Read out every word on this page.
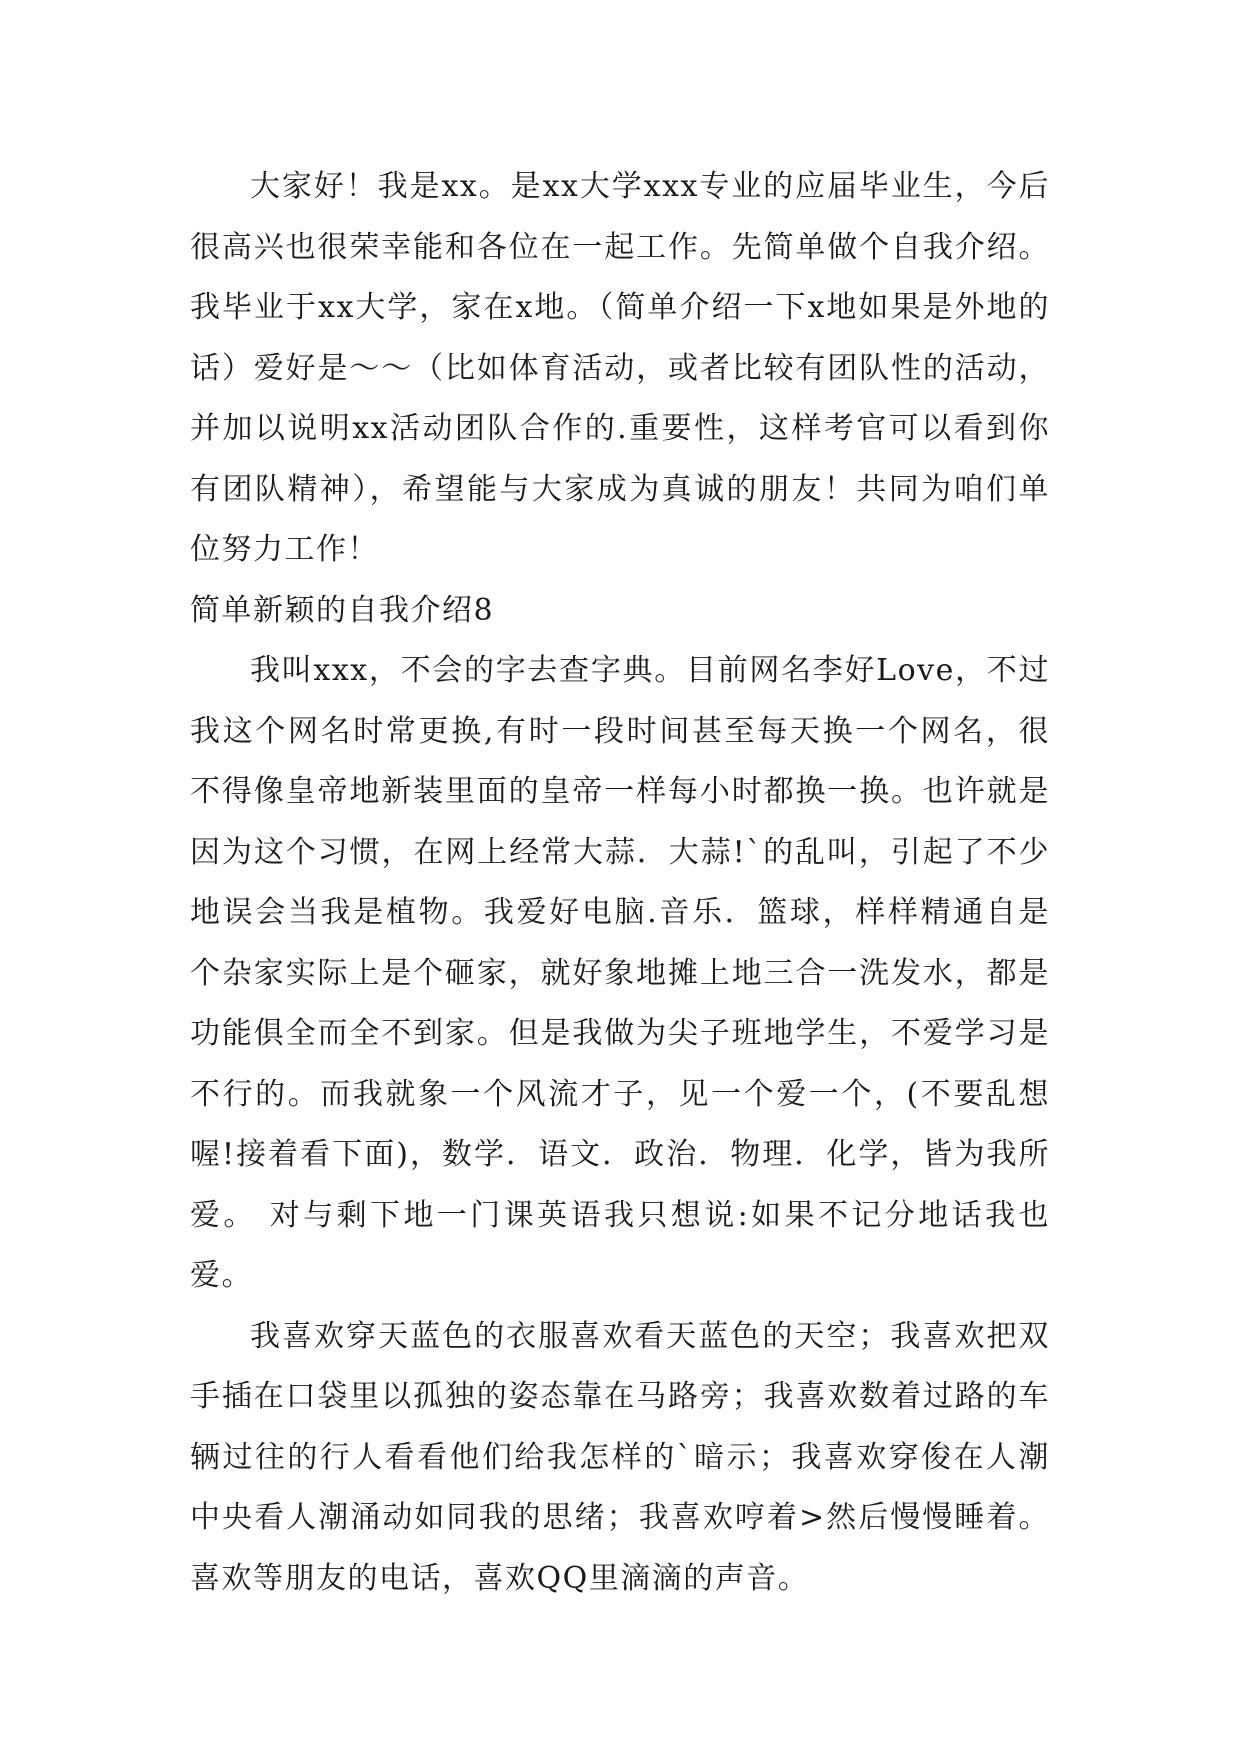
大家好！我是xx。是xx大学xxx专业的应届毕业生，今后很高兴也很荣幸能和各位在一起工作。先简单做个自我介绍。我毕业于xx大学，家在x地。（简单介绍一下x地如果是外地的话）爱好是～～（比如体育活动，或者比较有团队性的活动，并加以说明xx活动团队合作的.重要性，这样考官可以看到你有团队精神），希望能与大家成为真诚的朋友！共同为咱们单位努力工作！

简单新颖的自我介绍8

我叫xxx，不会的字去查字典。目前网名李好Love，不过我这个网名时常更换,有时一段时间甚至每天换一个网名，很不得像皇帝地新装里面的皇帝一样每小时都换一换。也许就是因为这个习惯，在网上经常大蒜．大蒜!`的乱叫，引起了不少地误会当我是植物。我爱好电脑.音乐．篮球，样样精通自是个杂家实际上是个砸家，就好象地摊上地三合一洗发水，都是功能俱全而全不到家。但是我做为尖子班地学生，不爱学习是不行的。而我就象一个风流才子，见一个爱一个，(不要乱想喔!接着看下面)，数学．语文．政治．物理．化学，皆为我所爱。 对与剩下地一门课英语我只想说:如果不记分地话我也爱。

我喜欢穿天蓝色的衣服喜欢看天蓝色的天空；我喜欢把双手插在口袋里以孤独的姿态靠在马路旁；我喜欢数着过路的车辆过往的行人看看他们给我怎样的`暗示；我喜欢穿俊在人潮中央看人潮涌动如同我的思绪；我喜欢哼着>然后慢慢睡着。喜欢等朋友的电话，喜欢QQ里滴滴的声音。
